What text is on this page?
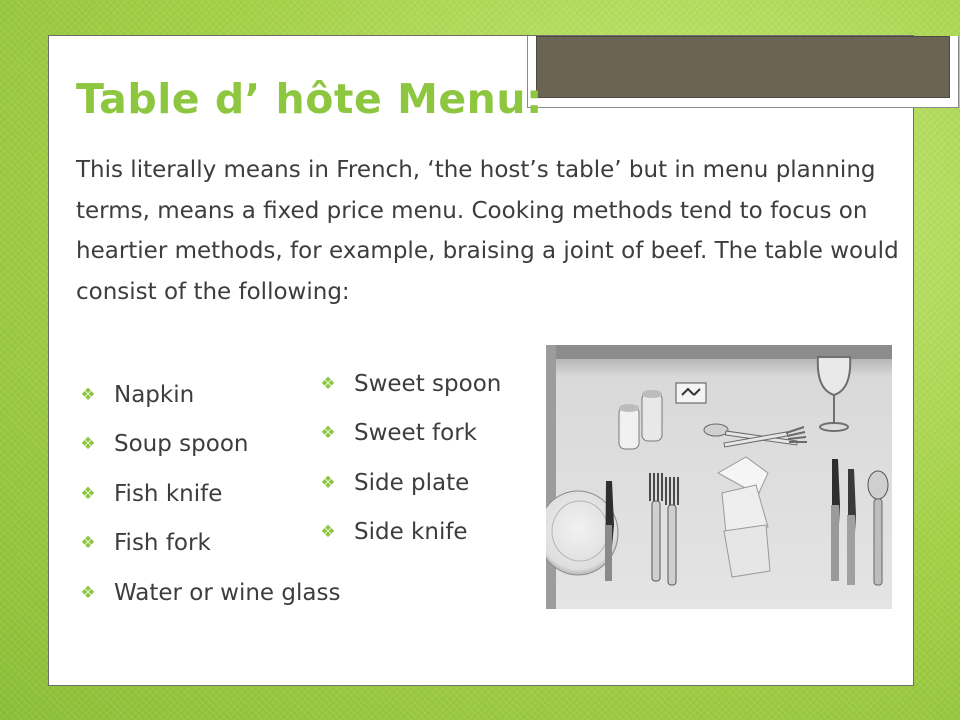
Table d’ hôte Menu:

This literally means in French, ‘the host’s table’ but in menu planning terms, means a fixed price menu. Cooking methods tend to focus on heartier methods, for example, braising a joint of beef. The table would consist of the following:

❖ Napkin
❖ Soup spoon
❖ Fish knife
❖ Fish fork
❖ Water or wine glass
❖ Sweet spoon
❖ Sweet fork
❖ Side plate
❖ Side knife
